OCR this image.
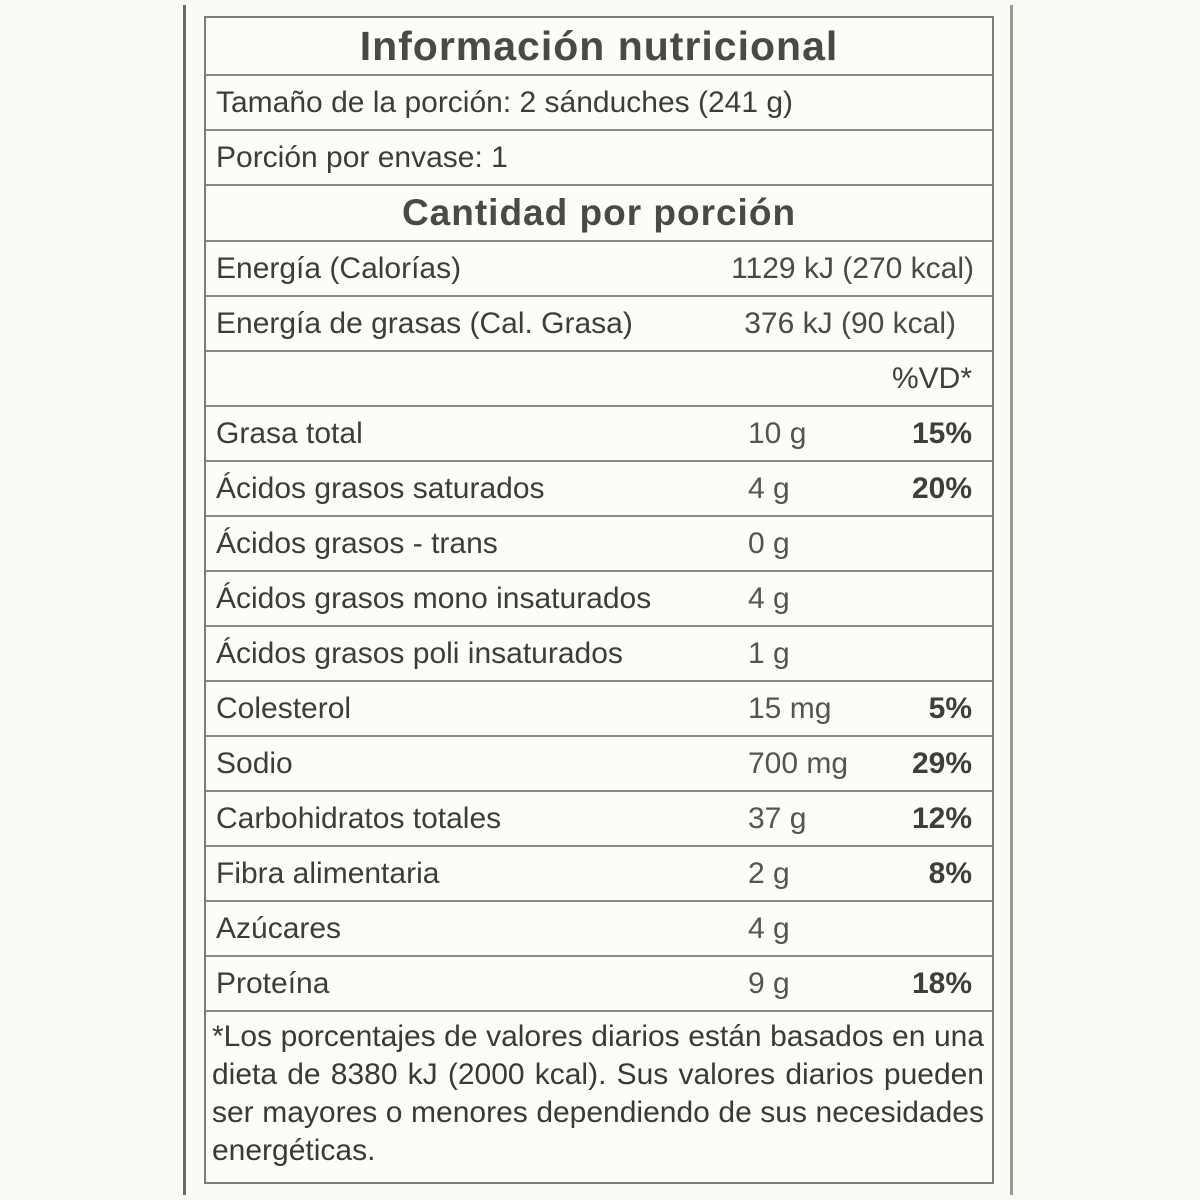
Información nutricional
Tamaño de la porción: 2 sánduches (241 g)
Porción por envase: 1
Cantidad por porción
Energía (Calorías)	1129 kJ (270 kcal)
Energía de grasas (Cal. Grasa)	376 kJ (90 kcal)
%VD*
Grasa total	10 g	15%
Ácidos grasos saturados	4 g	20%
Ácidos grasos - trans	0 g
Ácidos grasos mono insaturados	4 g
Ácidos grasos poli insaturados	1 g
Colesterol	15 mg	5%
Sodio	700 mg 29%
Carbohidratos totales	37 g	12%
Fibra alimentaria	2 g	8%
Azúcares	4 g
Proteína	9 g	18%
*Los porcentajes de valores diarios están basados en una dieta de 8380 kJ (2000 kcal). Sus valores diarios pueden ser mayores o menores dependiendo de sus necesidades energéticas.
